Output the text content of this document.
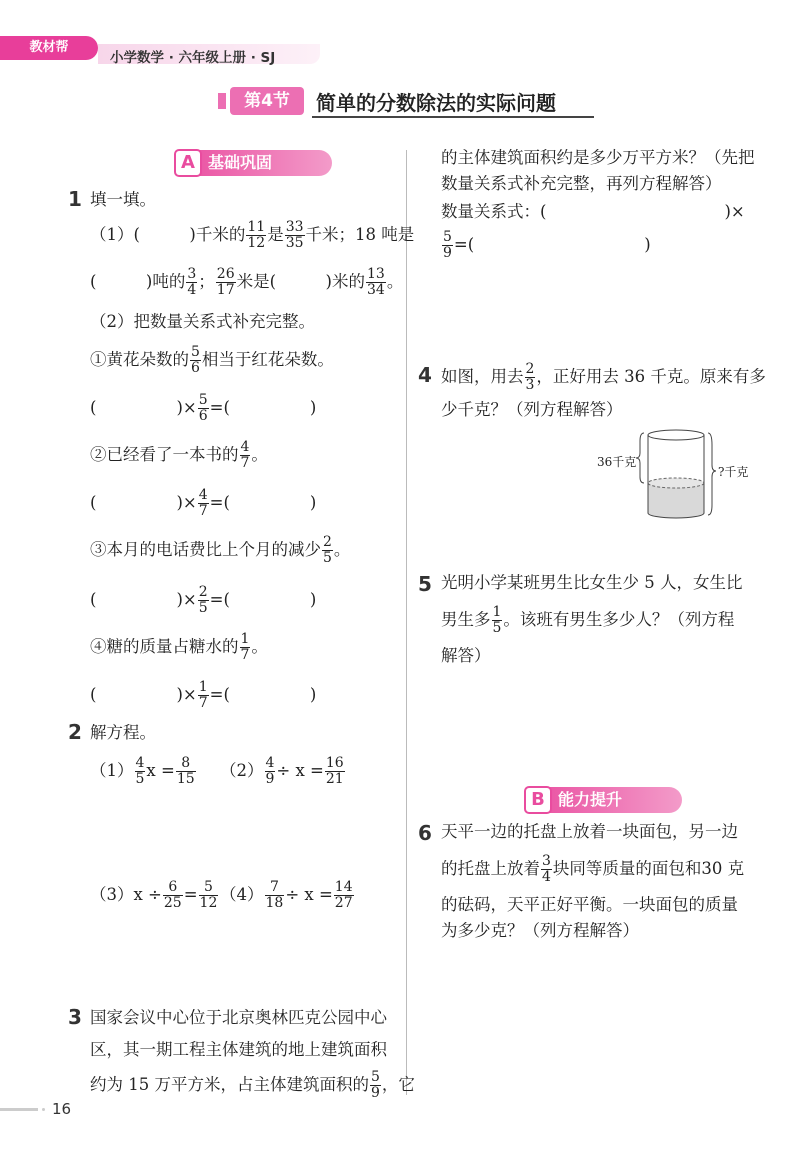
教材帮
小学数学 · 六年级上册 · SJ
第4节	简单的分数除法的实际问题
基础巩固
A
1 填一填。
（1）(　　　)千米的 $\frac{11}{12}$ 是 $\frac{33}{35}$ 千米；18 吨是
(　　　)吨的 $\frac{3}{4}$ ； $\frac{26}{17}$ 米是(　　　)米的 $\frac{13}{34}$ 。
（2）把数量关系式补充完整。
①黄花朵数的 $\frac{5}{6}$ 相当于红花朵数。
(	)× $\frac{5}{6}$ =(	)
②已经看了一本书的 $\frac{4}{7}$ 。
(	)× $\frac{4}{7}$ =(	)
③本月的电话费比上个月的减少 $\frac{2}{5}$ 。
(	)× $\frac{2}{5}$ =(	)
④糖的质量占糖水的 $\frac{1}{7}$ 。
(	)× $\frac{1}{7}$ =(	)
2 解方程。
$(1) \frac{4}{5}$ $x = \frac{8}{15} (2) \frac{4}{9} \div x = \frac{16}{21}$
$(3)x \div \frac{6}{25} = \frac{5}{12} (4) \frac{7}{18} \div x = \frac{14}{27}$
3 国家会议中心位于北京奥林匹克公园中心
区，其一期工程主体建筑的地上建筑面积
约为 15 万平方米，占主体建筑面积的 $\frac{5}{9}$ ，它
的主体建筑面积约是多少万平方米？（先把
数量关系式补充完整，再列方程解答）
数量关系式：(	)×
$\frac{5}{9}$ =(	)
4 如图，用去 $\frac{2}{3}$ ，正好用去 36 千克。原来有多
少千克？（列方程解答）
36千克
?千克
5 光明小学某班男生比女生少 5 人，女生比
男生多 $\frac{1}{5}$ 。该班有男生多少人？（列方程
解答）
能力提升
B
6 天平一边的托盘上放着一块面包，另一边
的托盘上放着 $\frac{3}{4}$ 块同等质量的面包和30 克
的砝码，天平正好平衡。一块面包的质量
为多少克？（列方程解答）
16
